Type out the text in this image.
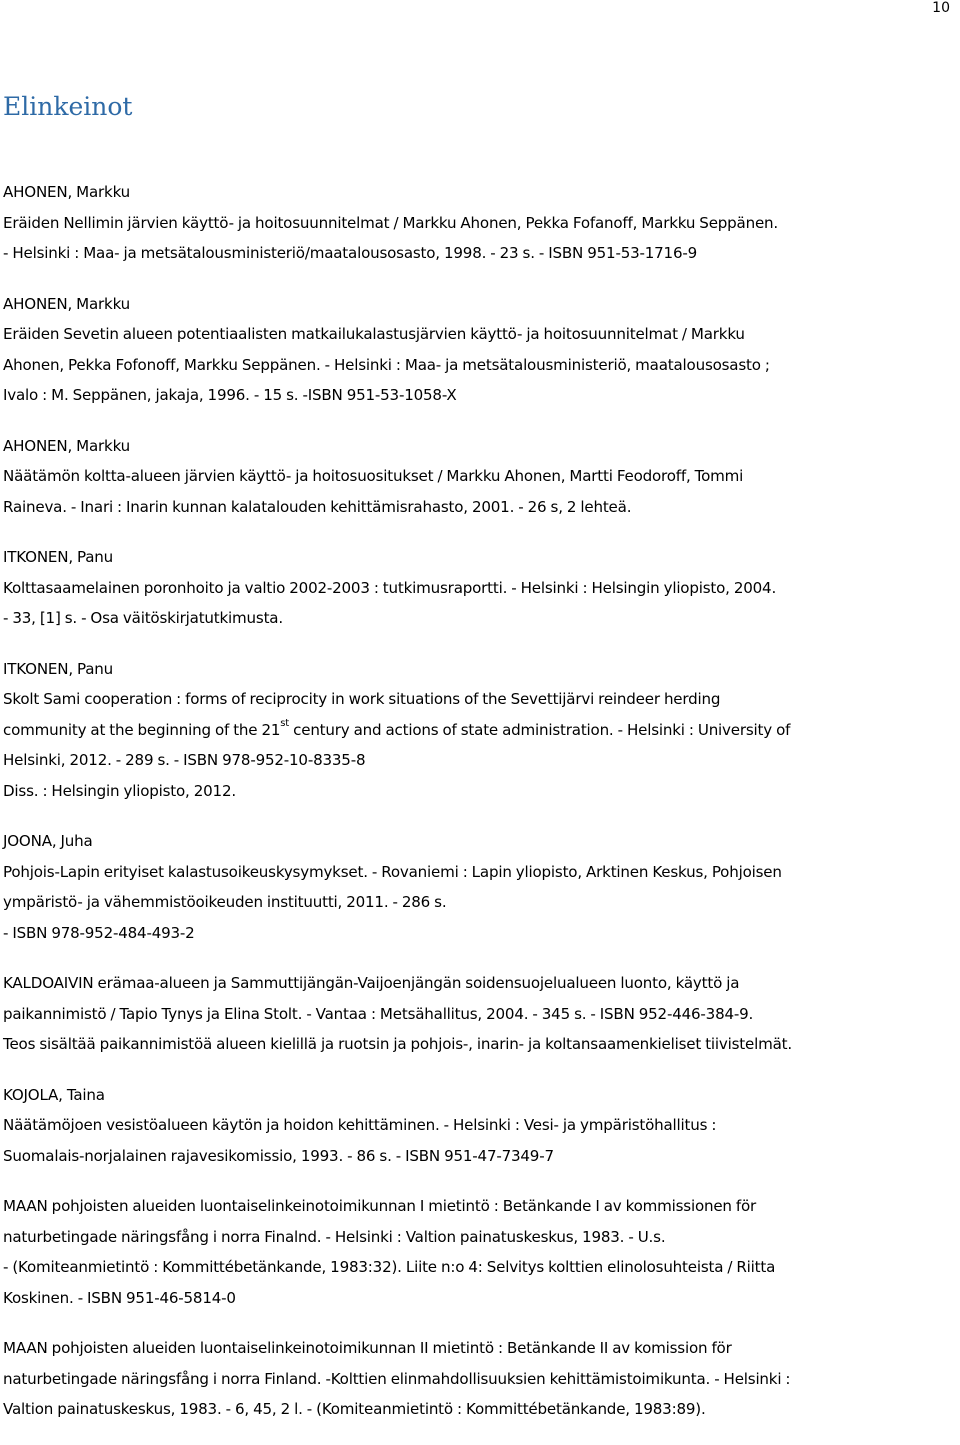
10
Elinkeinot
AHONEN, Markku
Eräiden Nellimin järvien käyttö- ja hoitosuunnitelmat / Markku Ahonen, Pekka Fofanoff, Markku Seppänen.
- Helsinki : Maa- ja metsätalousministeriö/maatalousosasto, 1998. - 23 s. - ISBN 951-53-1716-9
AHONEN, Markku
Eräiden Sevetin alueen potentiaalisten matkailukalastusjärvien käyttö- ja hoitosuunnitelmat / Markku
Ahonen, Pekka Fofonoff, Markku Seppänen. - Helsinki : Maa- ja metsätalousministeriö, maatalousosasto ;
Ivalo : M. Seppänen, jakaja, 1996. - 15 s. -ISBN 951-53-1058-X
AHONEN, Markku
Näätämön koltta-alueen järvien käyttö- ja hoitosuositukset / Markku Ahonen, Martti Feodoroff, Tommi
Raineva. - Inari : Inarin kunnan kalatalouden kehittämisrahasto, 2001. - 26 s, 2 lehteä.
ITKONEN, Panu
Kolttasaamelainen poronhoito ja valtio 2002-2003 : tutkimusraportti. - Helsinki : Helsingin yliopisto, 2004.
- 33, [1] s. - Osa väitöskirjatutkimusta.
ITKONEN, Panu
Skolt Sami cooperation : forms of reciprocity in work situations of the Sevettijärvi reindeer herding
community at the beginning of the 21st century and actions of state administration. - Helsinki : University of
Helsinki, 2012. - 289 s. - ISBN 978-952-10-8335-8
Diss. : Helsingin yliopisto, 2012.
JOONA, Juha
Pohjois-Lapin erityiset kalastusoikeuskysymykset. - Rovaniemi : Lapin yliopisto, Arktinen Keskus, Pohjoisen
ympäristö- ja vähemmistöoikeuden instituutti, 2011. - 286 s.
- ISBN 978-952-484-493-2
KALDOAIVIN erämaa-alueen ja Sammuttijängän-Vaijoenjängän soidensuojelualueen luonto, käyttö ja
paikannimistö / Tapio Tynys ja Elina Stolt. - Vantaa : Metsähallitus, 2004. - 345 s. - ISBN 952-446-384-9.
Teos sisältää paikannimistöä alueen kielillä ja ruotsin ja pohjois-, inarin- ja koltansaamenkieliset tiivistelmät.
KOJOLA, Taina
Näätämöjoen vesistöalueen käytön ja hoidon kehittäminen. - Helsinki : Vesi- ja ympäristöhallitus :
Suomalais-norjalainen rajavesikomissio, 1993. - 86 s. - ISBN 951-47-7349-7
MAAN pohjoisten alueiden luontaiselinkeinotoimikunnan I mietintö : Betänkande I av kommissionen för
naturbetingade näringsfång i norra Finalnd. - Helsinki : Valtion painatuskeskus, 1983. - U.s.
- (Komiteanmietintö : Kommittébetänkande, 1983:32). Liite n:o 4: Selvitys kolttien elinolosuhteista / Riitta
Koskinen. - ISBN 951-46-5814-0
MAAN pohjoisten alueiden luontaiselinkeinotoimikunnan II mietintö : Betänkande II av komission för
naturbetingade näringsfång i norra Finland. -Kolttien elinmahdollisuuksien kehittämistoimikunta. - Helsinki :
Valtion painatuskeskus, 1983. - 6, 45, 2 l. - (Komiteanmietintö : Kommittébetänkande, 1983:89).
